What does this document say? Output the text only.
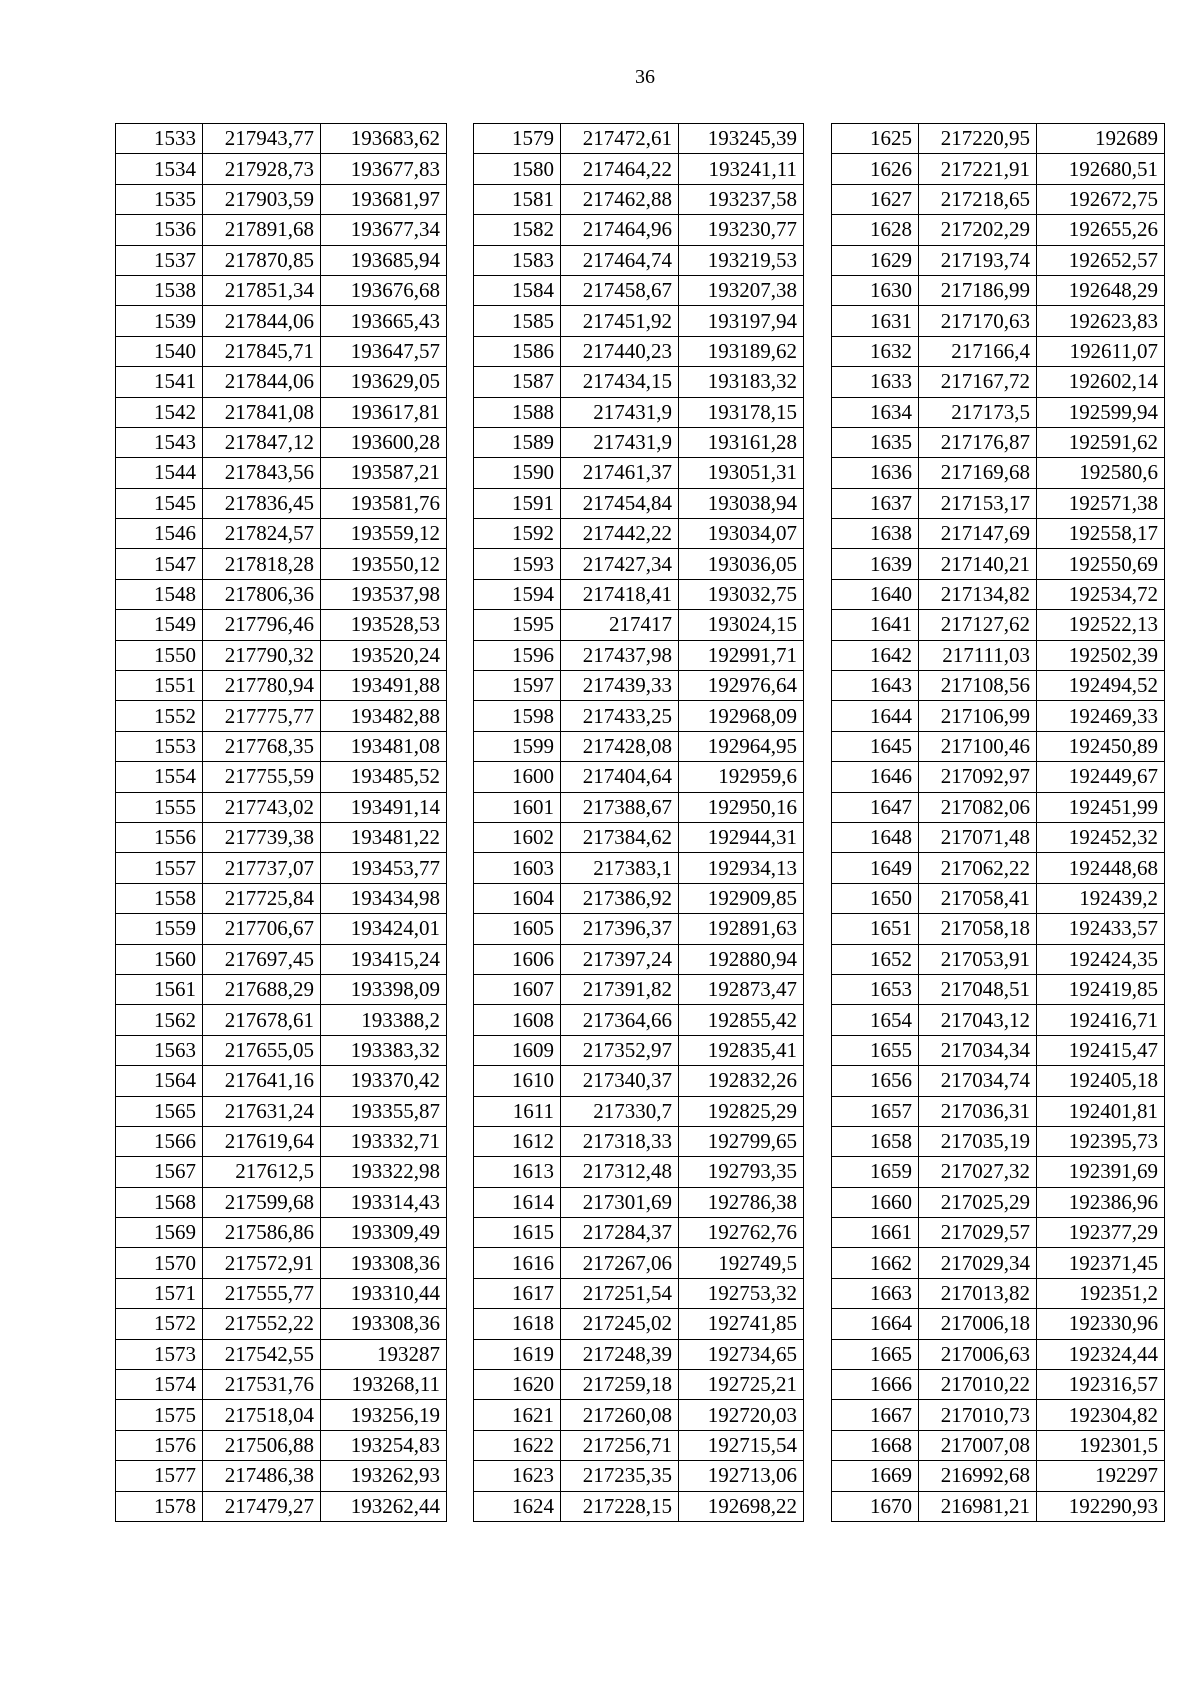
36
1533	217943,77	193683,62
1534	217928,73	193677,83
1535	217903,59	193681,97
1536	217891,68	193677,34
1537	217870,85	193685,94
1538	217851,34	193676,68
1539	217844,06	193665,43
1540	217845,71	193647,57
1541	217844,06	193629,05
1542	217841,08	193617,81
1543	217847,12	193600,28
1544	217843,56	193587,21
1545	217836,45	193581,76
1546	217824,57	193559,12
1547	217818,28	193550,12
1548	217806,36	193537,98
1549	217796,46	193528,53
1550	217790,32	193520,24
1551	217780,94	193491,88
1552	217775,77	193482,88
1553	217768,35	193481,08
1554	217755,59	193485,52
1555	217743,02	193491,14
1556	217739,38	193481,22
1557	217737,07	193453,77
1558	217725,84	193434,98
1559	217706,67	193424,01
1560	217697,45	193415,24
1561	217688,29	193398,09
1562	217678,61	193388,2
1563	217655,05	193383,32
1564	217641,16	193370,42
1565	217631,24	193355,87
1566	217619,64	193332,71
1567	217612,5	193322,98
1568	217599,68	193314,43
1569	217586,86	193309,49
1570	217572,91	193308,36
1571	217555,77	193310,44
1572	217552,22	193308,36
1573	217542,55	193287
1574	217531,76	193268,11
1575	217518,04	193256,19
1576	217506,88	193254,83
1577	217486,38	193262,93
1578	217479,27	193262,44
1579	217472,61	193245,39
1580	217464,22	193241,11
1581	217462,88	193237,58
1582	217464,96	193230,77
1583	217464,74	193219,53
1584	217458,67	193207,38
1585	217451,92	193197,94
1586	217440,23	193189,62
1587	217434,15	193183,32
1588	217431,9	193178,15
1589	217431,9	193161,28
1590	217461,37	193051,31
1591	217454,84	193038,94
1592	217442,22	193034,07
1593	217427,34	193036,05
1594	217418,41	193032,75
1595	217417	193024,15
1596	217437,98	192991,71
1597	217439,33	192976,64
1598	217433,25	192968,09
1599	217428,08	192964,95
1600	217404,64	192959,6
1601	217388,67	192950,16
1602	217384,62	192944,31
1603	217383,1	192934,13
1604	217386,92	192909,85
1605	217396,37	192891,63
1606	217397,24	192880,94
1607	217391,82	192873,47
1608	217364,66	192855,42
1609	217352,97	192835,41
1610	217340,37	192832,26
1611	217330,7	192825,29
1612	217318,33	192799,65
1613	217312,48	192793,35
1614	217301,69	192786,38
1615	217284,37	192762,76
1616	217267,06	192749,5
1617	217251,54	192753,32
1618	217245,02	192741,85
1619	217248,39	192734,65
1620	217259,18	192725,21
1621	217260,08	192720,03
1622	217256,71	192715,54
1623	217235,35	192713,06
1624	217228,15	192698,22
1625	217220,95	192689
1626	217221,91	192680,51
1627	217218,65	192672,75
1628	217202,29	192655,26
1629	217193,74	192652,57
1630	217186,99	192648,29
1631	217170,63	192623,83
1632	217166,4	192611,07
1633	217167,72	192602,14
1634	217173,5	192599,94
1635	217176,87	192591,62
1636	217169,68	192580,6
1637	217153,17	192571,38
1638	217147,69	192558,17
1639	217140,21	192550,69
1640	217134,82	192534,72
1641	217127,62	192522,13
1642	217111,03	192502,39
1643	217108,56	192494,52
1644	217106,99	192469,33
1645	217100,46	192450,89
1646	217092,97	192449,67
1647	217082,06	192451,99
1648	217071,48	192452,32
1649	217062,22	192448,68
1650	217058,41	192439,2
1651	217058,18	192433,57
1652	217053,91	192424,35
1653	217048,51	192419,85
1654	217043,12	192416,71
1655	217034,34	192415,47
1656	217034,74	192405,18
1657	217036,31	192401,81
1658	217035,19	192395,73
1659	217027,32	192391,69
1660	217025,29	192386,96
1661	217029,57	192377,29
1662	217029,34	192371,45
1663	217013,82	192351,2
1664	217006,18	192330,96
1665	217006,63	192324,44
1666	217010,22	192316,57
1667	217010,73	192304,82
1668	217007,08	192301,5
1669	216992,68	192297
1670	216981,21	192290,93
